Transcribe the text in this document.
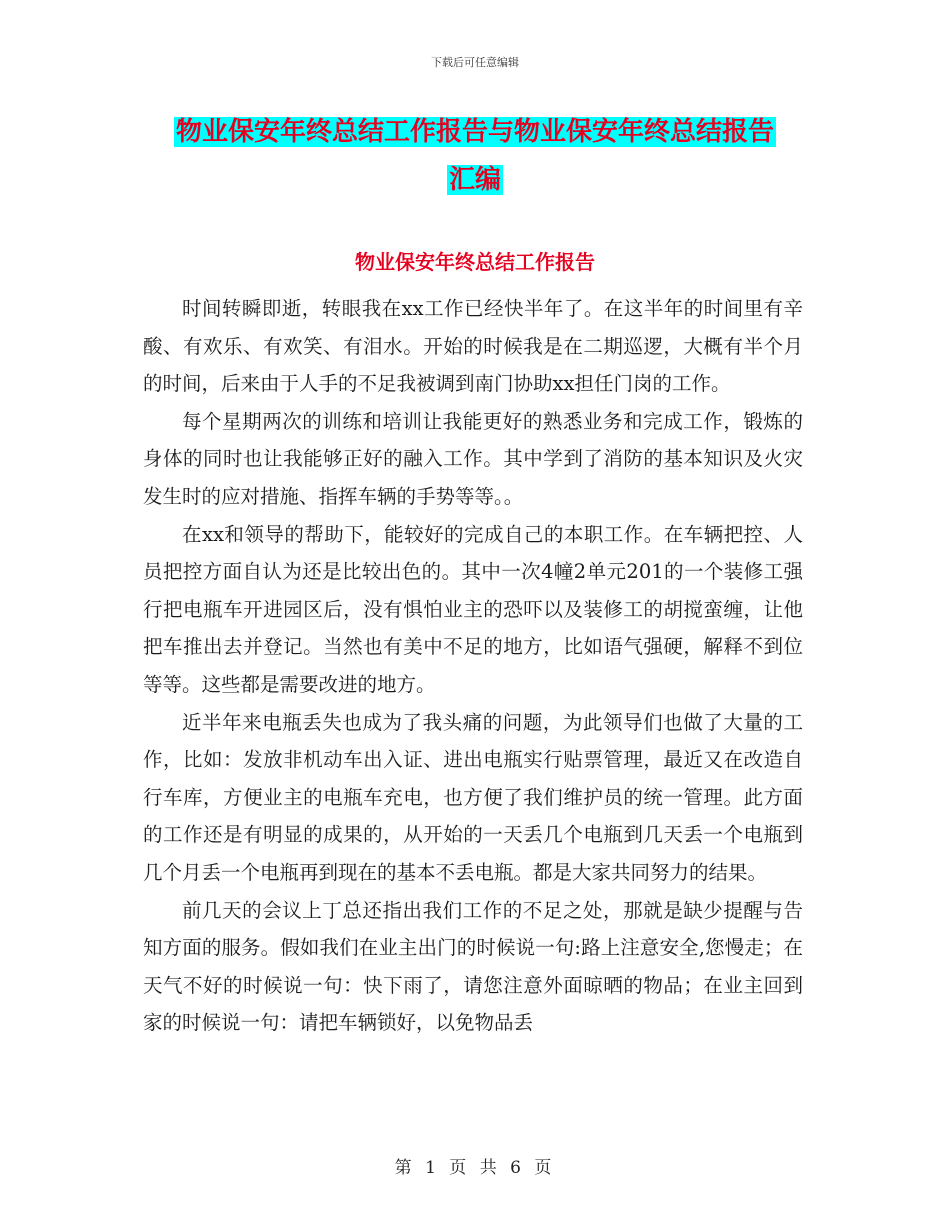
下载后可任意编辑
物业保安年终总结工作报告与物业保安年终总结报告
汇编
物业保安年终总结工作报告

时间转瞬即逝，转眼我在xx工作已经快半年了。在这半年的时间里有辛酸、有欢乐、有欢笑、有泪水。开始的时候我是在二期巡逻，大概有半个月的时间，后来由于人手的不足我被调到南门协助xx担任门岗的工作。

每个星期两次的训练和培训让我能更好的熟悉业务和完成工作，锻炼的身体的同时也让我能够正好的融入工作。其中学到了消防的基本知识及火灾发生时的应对措施、指挥车辆的手势等等。。

在xx和领导的帮助下，能较好的完成自己的本职工作。在车辆把控、人员把控方面自认为还是比较出色的。其中一次4幢2单元201的一个装修工强行把电瓶车开进园区后，没有惧怕业主的恐吓以及装修工的胡搅蛮缠，让他把车推出去并登记。当然也有美中不足的地方，比如语气强硬，解释不到位等等。这些都是需要改进的地方。

近半年来电瓶丢失也成为了我头痛的问题，为此领导们也做了大量的工作，比如：发放非机动车出入证、进出电瓶实行贴票管理，最近又在改造自行车库，方便业主的电瓶车充电，也方便了我们维护员的统一管理。此方面的工作还是有明显的成果的，从开始的一天丢几个电瓶到几天丢一个电瓶到几个月丢一个电瓶再到现在的基本不丢电瓶。都是大家共同努力的结果。

前几天的会议上丁总还指出我们工作的不足之处，那就是缺少提醒与告知方面的服务。假如我们在业主出门的时候说一句:路上注意安全,您慢走；在天气不好的时候说一句：快下雨了，请您注意外面晾晒的物品；在业主回到家的时候说一句：请把车辆锁好，以免物品丢

第 1 页 共 6 页
